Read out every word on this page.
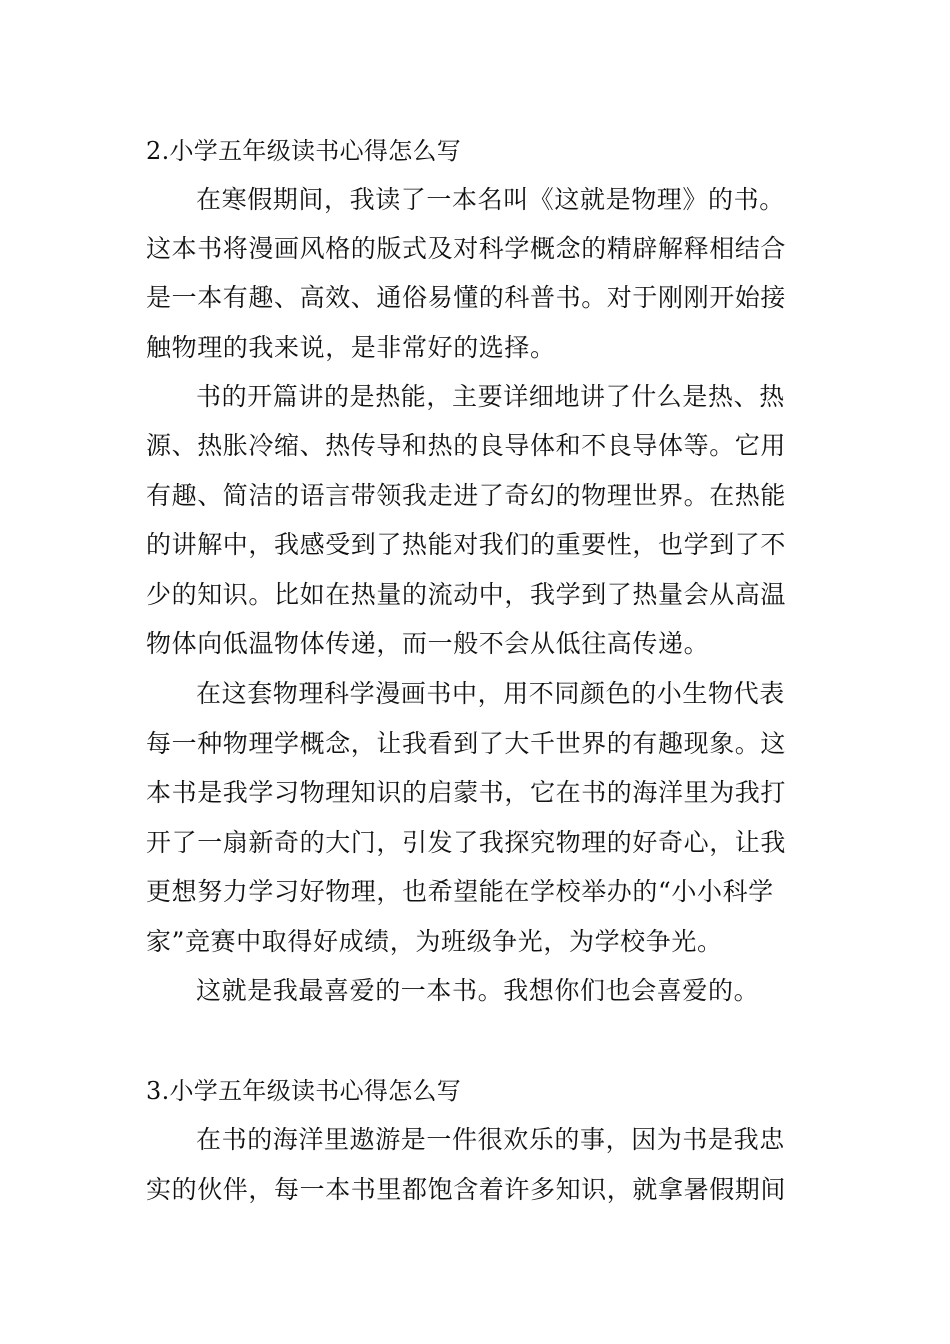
2.小学五年级读书心得怎么写
在寒假期间，我读了一本名叫《这就是物理》的书。
这本书将漫画风格的版式及对科学概念的精辟解释相结合
是一本有趣、高效、通俗易懂的科普书。对于刚刚开始接
触物理的我来说，是非常好的选择。
书的开篇讲的是热能，主要详细地讲了什么是热、热
源、热胀冷缩、热传导和热的良导体和不良导体等。它用
有趣、简洁的语言带领我走进了奇幻的物理世界。在热能
的讲解中，我感受到了热能对我们的重要性，也学到了不
少的知识。比如在热量的流动中，我学到了热量会从高温
物体向低温物体传递，而一般不会从低往高传递。
在这套物理科学漫画书中，用不同颜色的小生物代表
每一种物理学概念，让我看到了大千世界的有趣现象。这
本书是我学习物理知识的启蒙书，它在书的海洋里为我打
开了一扇新奇的大门，引发了我探究物理的好奇心，让我
更想努力学习好物理，也希望能在学校举办的“小小科学
家”竞赛中取得好成绩，为班级争光，为学校争光。
这就是我最喜爱的一本书。我想你们也会喜爱的。
3.小学五年级读书心得怎么写
在书的海洋里遨游是一件很欢乐的事，因为书是我忠
实的伙伴，每一本书里都饱含着许多知识，就拿暑假期间
